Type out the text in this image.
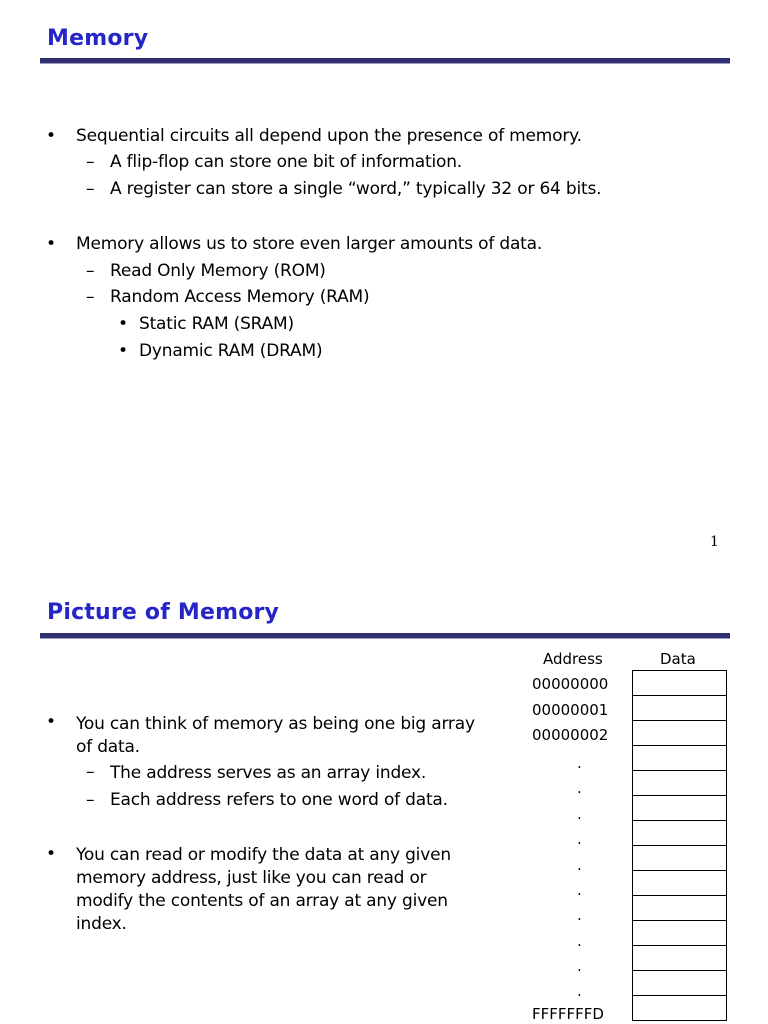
Memory
• Sequential circuits all depend upon the presence of memory.
– A flip-flop can store one bit of information.
– A register can store a single “word,” typically 32 or 64 bits.
• Memory allows us to store even larger amounts of data.
– Read Only Memory (ROM)
– Random Access Memory (RAM)
• Static RAM (SRAM)
• Dynamic RAM (DRAM)
1
Picture of Memory
• You can think of memory as being one big array
of data.
– The address serves as an array index.
– Each address refers to one word of data.
• You can read or modify the data at any given
memory address, just like you can read or
modify the contents of an array at any given
index.
Address	Data
00000000
00000001
00000002
.
.
.
.
.
.
.
.
.
.
FFFFFFFD
